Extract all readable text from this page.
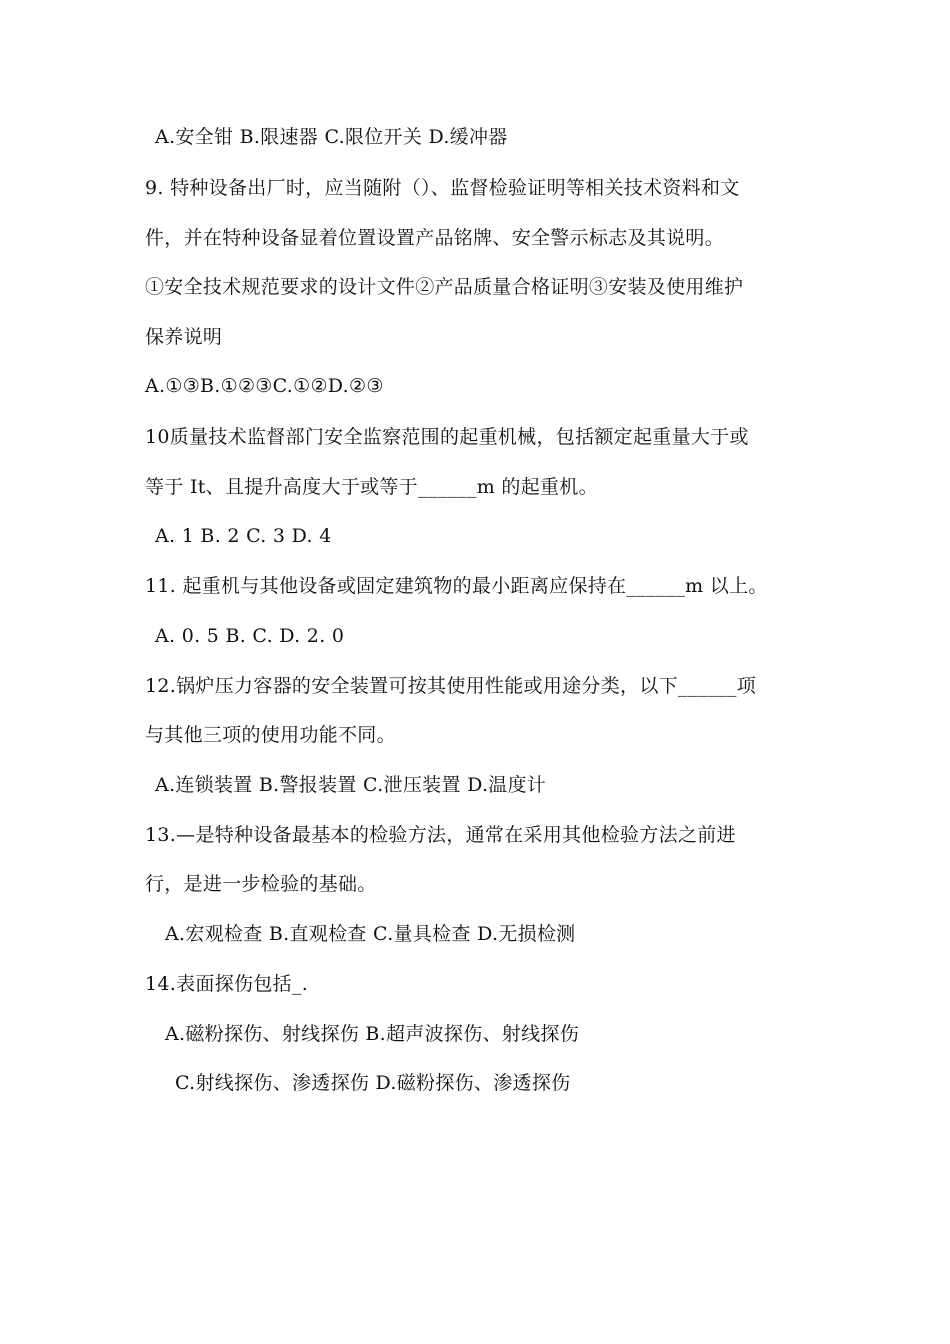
A.安全钳 B.限速器 C.限位开关 D.缓冲器
9. 特种设备出厂时，应当随附（）、监督检验证明等相关技术资料和文
件，并在特种设备显着位置设置产品铭牌、安全警示标志及其说明。
①安全技术规范要求的设计文件②产品质量合格证明③安装及使用维护
保养说明
A.①③B.①②③C.①②D.②③
10质量技术监督部门安全监察范围的起重机械，包括额定起重量大于或
等于 It、且提升高度大于或等于______m 的起重机。
A. 1 B. 2 C. 3 D. 4
11. 起重机与其他设备或固定建筑物的最小距离应保持在______m 以上。
A. 0. 5 B. C. D. 2. 0
12.锅炉压力容器的安全装置可按其使用性能或用途分类，以下______项
与其他三项的使用功能不同。
A.连锁装置 B.警报装置 C.泄压装置 D.温度计
13.—是特种设备最基本的检验方法，通常在采用其他检验方法之前进
行，是进一步检验的基础。
A.宏观检查 B.直观检查 C.量具检查 D.无损检测
14.表面探伤包括_.
A.磁粉探伤、射线探伤 B.超声波探伤、射线探伤
C.射线探伤、渗透探伤 D.磁粉探伤、渗透探伤
